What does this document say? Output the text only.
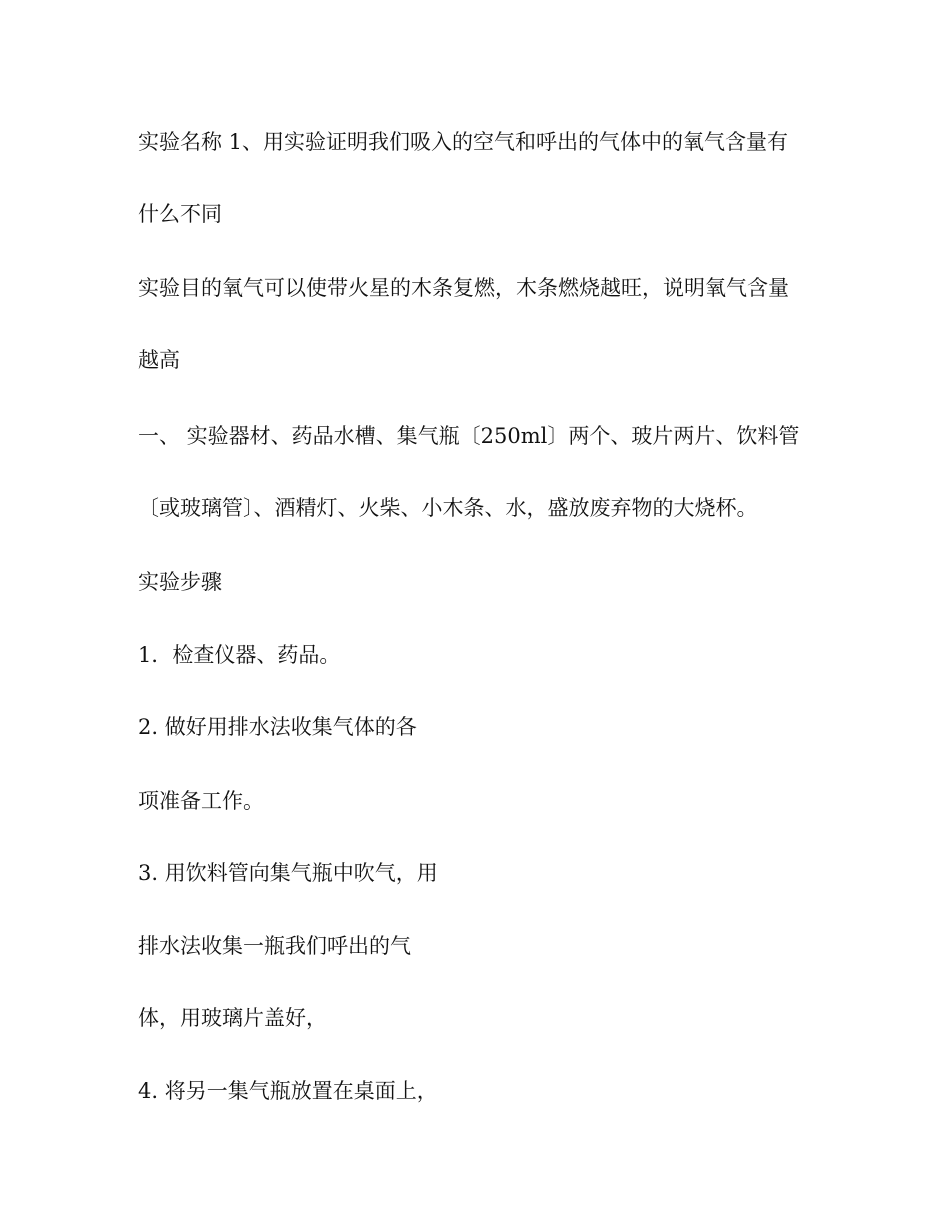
实验名称 1、用实验证明我们吸入的空气和呼出的气体中的氧气含量有

什么不同

实验目的氧气可以使带火星的木条复燃，木条燃烧越旺，说明氧气含量

越高

一、 实验器材、药品水槽、集气瓶〔250ml〕两个、玻片两片、饮料管

〔或玻璃管〕、酒精灯、火柴、小木条、水，盛放废弃物的大烧杯。

实验步骤

1．检查仪器、药品。

2. 做好用排水法收集气体的各

项准备工作。

3. 用饮料管向集气瓶中吹气，用

排水法收集一瓶我们呼出的气

体，用玻璃片盖好，

4. 将另一集气瓶放置在桌面上，
